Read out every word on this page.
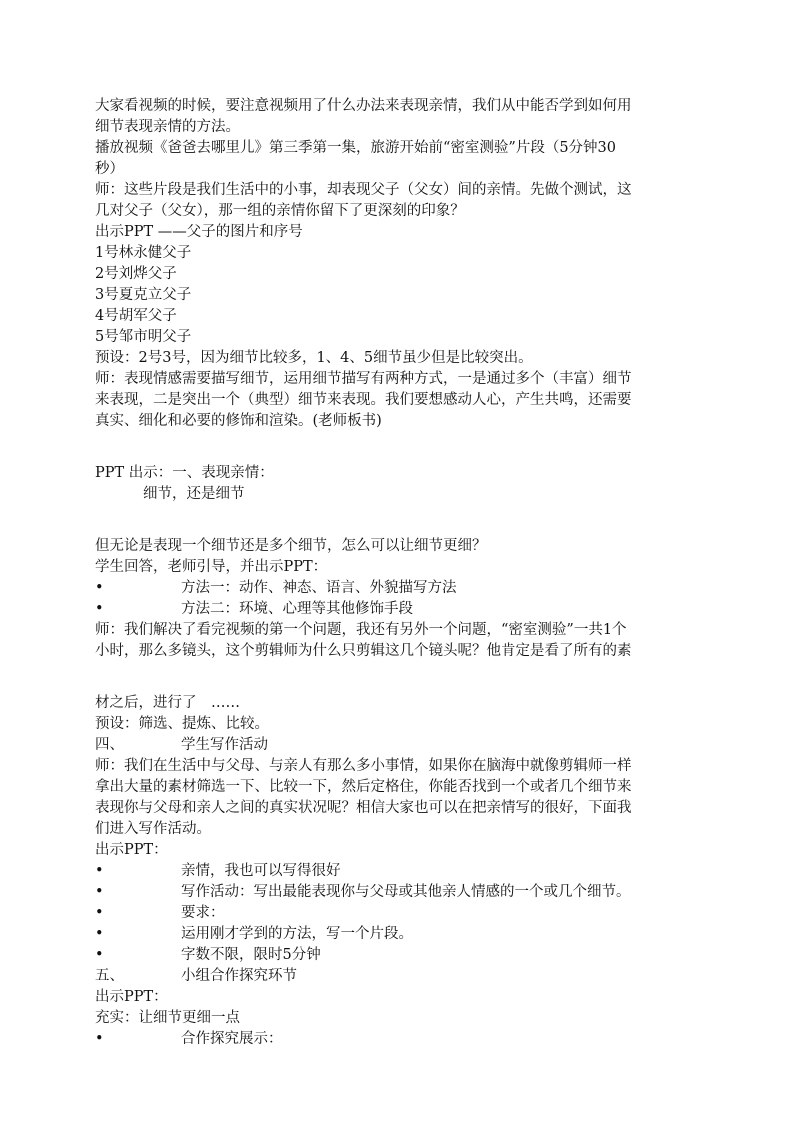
大家看视频的时候，要注意视频用了什么办法来表现亲情，我们从中能否学到如何用
细节表现亲情的方法。
播放视频《爸爸去哪里儿》第三季第一集，旅游开始前“密室测验”片段（5分钟30
秒）
师：这些片段是我们生活中的小事，却表现父子（父女）间的亲情。先做个测试，这
几对父子（父女），那一组的亲情你留下了更深刻的印象？
出示PPT ——父子的图片和序号
1号林永健父子
2号刘烨父子
3号夏克立父子
4号胡军父子
5号邹市明父子
预设：2号3号，因为细节比较多，1、4、5细节虽少但是比较突出。
师：表现情感需要描写细节，运用细节描写有两种方式，一是通过多个（丰富）细节
来表现，二是突出一个（典型）细节来表现。我们要想感动人心，产生共鸣，还需要
真实、细化和必要的修饰和渲染。(老师板书)
PPT 出示：一、表现亲情：
细节，还是细节
但无论是表现一个细节还是多个细节，怎么可以让细节更细？
学生回答，老师引导，并出示PPT：
•	方法一：动作、神态、语言、外貌描写方法
•	方法二：环境、心理等其他修饰手段
师：我们解决了看完视频的第一个问题，我还有另外一个问题，“密室测验”一共1个
小时，那么多镜头，这个剪辑师为什么只剪辑这几个镜头呢？他肯定是看了所有的素
材之后，进行了　……
预设：筛选、提炼、比较。
四、	学生写作活动
师：我们在生活中与父母、与亲人有那么多小事情，如果你在脑海中就像剪辑师一样
拿出大量的素材筛选一下、比较一下，然后定格住，你能否找到一个或者几个细节来
表现你与父母和亲人之间的真实状况呢？相信大家也可以在把亲情写的很好，下面我
们进入写作活动。
出示PPT：
•	亲情，我也可以写得很好
•	写作活动：写出最能表现你与父母或其他亲人情感的一个或几个细节。
•	要求：
•	运用刚才学到的方法，写一个片段。
•	字数不限，限时5分钟
五、	小组合作探究环节
出示PPT：
充实：让细节更细一点
•	合作探究展示：
